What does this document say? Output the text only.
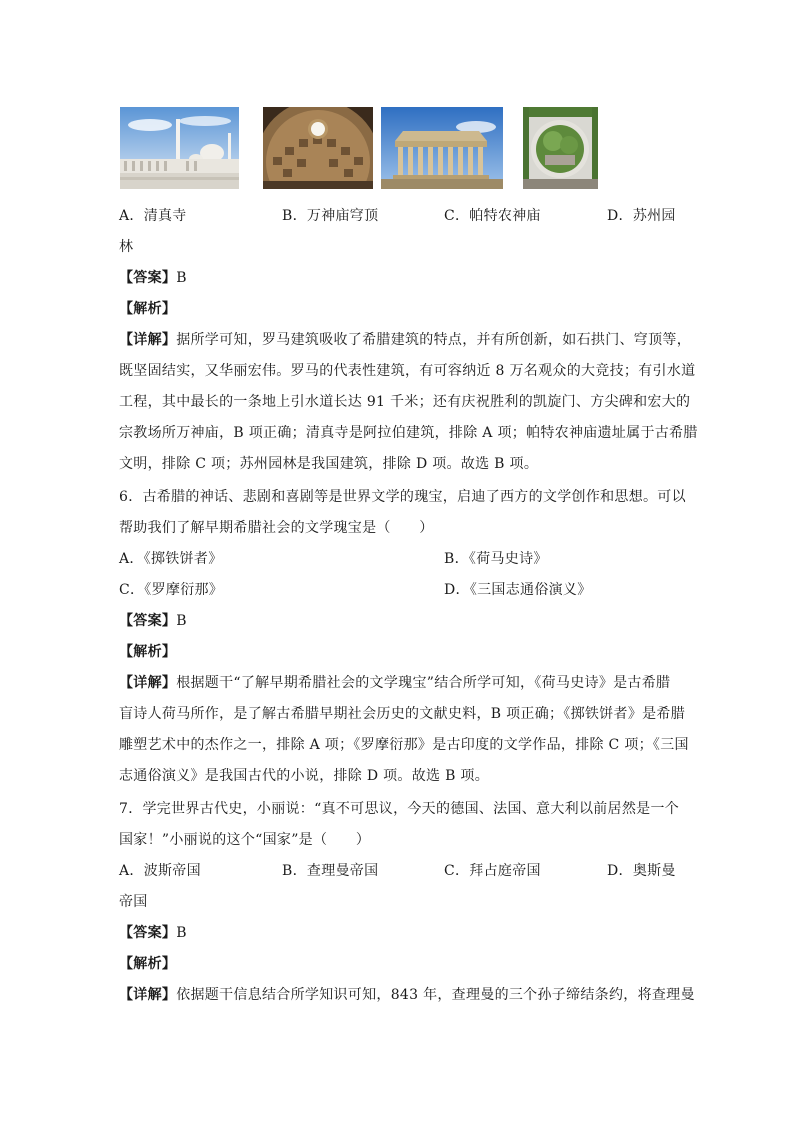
A．清真寺	B．万神庙穹顶	C．帕特农神庙	D．苏州园
林
【答案】B
【解析】
【详解】据所学可知，罗马建筑吸收了希腊建筑的特点，并有所创新，如石拱门、穹顶等，
既坚固结实，又华丽宏伟。罗马的代表性建筑，有可容纳近 8 万名观众的大竞技；有引水道
工程，其中最长的一条地上引水道长达 91 千米；还有庆祝胜利的凯旋门、方尖碑和宏大的
宗教场所万神庙，B 项正确；清真寺是阿拉伯建筑，排除 A 项；帕特农神庙遗址属于古希腊
文明，排除 C 项；苏州园林是我国建筑，排除 D 项。故选 B 项。
6．古希腊的神话、悲剧和喜剧等是世界文学的瑰宝，启迪了西方的文学创作和思想。可以
帮助我们了解早期希腊社会的文学瑰宝是（　　）
A．《掷铁饼者》	B．《荷马史诗》
C．《罗摩衍那》	D．《三国志通俗演义》
【答案】B
【解析】
【详解】根据题干“了解早期希腊社会的文学瑰宝”结合所学可知，《荷马史诗》是古希腊
盲诗人荷马所作，是了解古希腊早期社会历史的文献史料，B 项正确；《掷铁饼者》是希腊
雕塑艺术中的杰作之一，排除 A 项；《罗摩衍那》是古印度的文学作品，排除 C 项；《三国
志通俗演义》是我国古代的小说，排除 D 项。故选 B 项。
7．学完世界古代史，小丽说：“真不可思议，今天的德国、法国、意大利以前居然是一个
国家！”小丽说的这个“国家”是（　　）
A．波斯帝国	B．查理曼帝国	C．拜占庭帝国	D．奥斯曼
帝国
【答案】B
【解析】
【详解】依据题干信息结合所学知识可知，843 年，查理曼的三个孙子缔结条约，将查理曼
